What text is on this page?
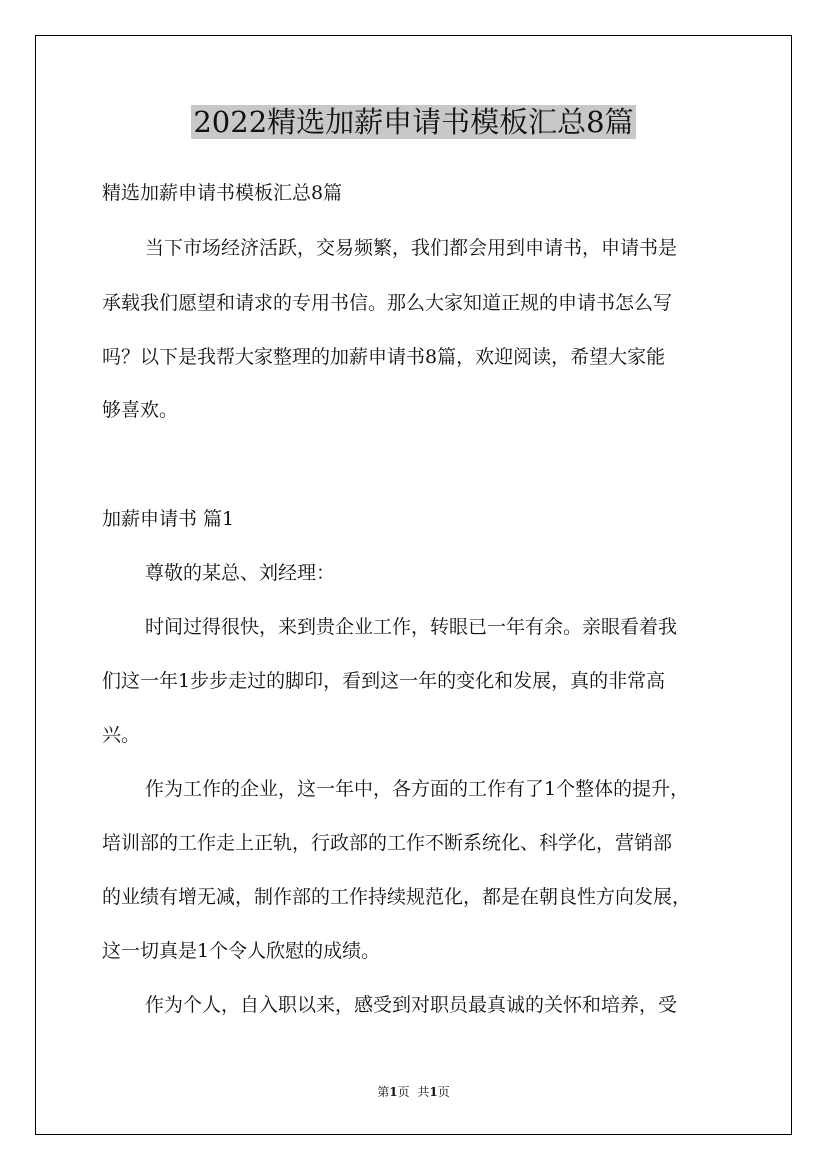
2022精选加薪申请书模板汇总8篇
精选加薪申请书模板汇总8篇
当下市场经济活跃，交易频繁，我们都会用到申请书，申请书是
承载我们愿望和请求的专用书信。那么大家知道正规的申请书怎么写
吗？以下是我帮大家整理的加薪申请书8篇，欢迎阅读，希望大家能
够喜欢。
加薪申请书 篇1
尊敬的某总、刘经理：
时间过得很快，来到贵企业工作，转眼已一年有余。亲眼看着我
们这一年1步步走过的脚印，看到这一年的变化和发展，真的非常高
兴。
作为工作的企业，这一年中，各方面的工作有了1个整体的提升，
培训部的工作走上正轨，行政部的工作不断系统化、科学化，营销部
的业绩有增无减，制作部的工作持续规范化，都是在朝良性方向发展，
这一切真是1个令人欣慰的成绩。
作为个人，自入职以来，感受到对职员最真诚的关怀和培养，受
第1页 共1页
